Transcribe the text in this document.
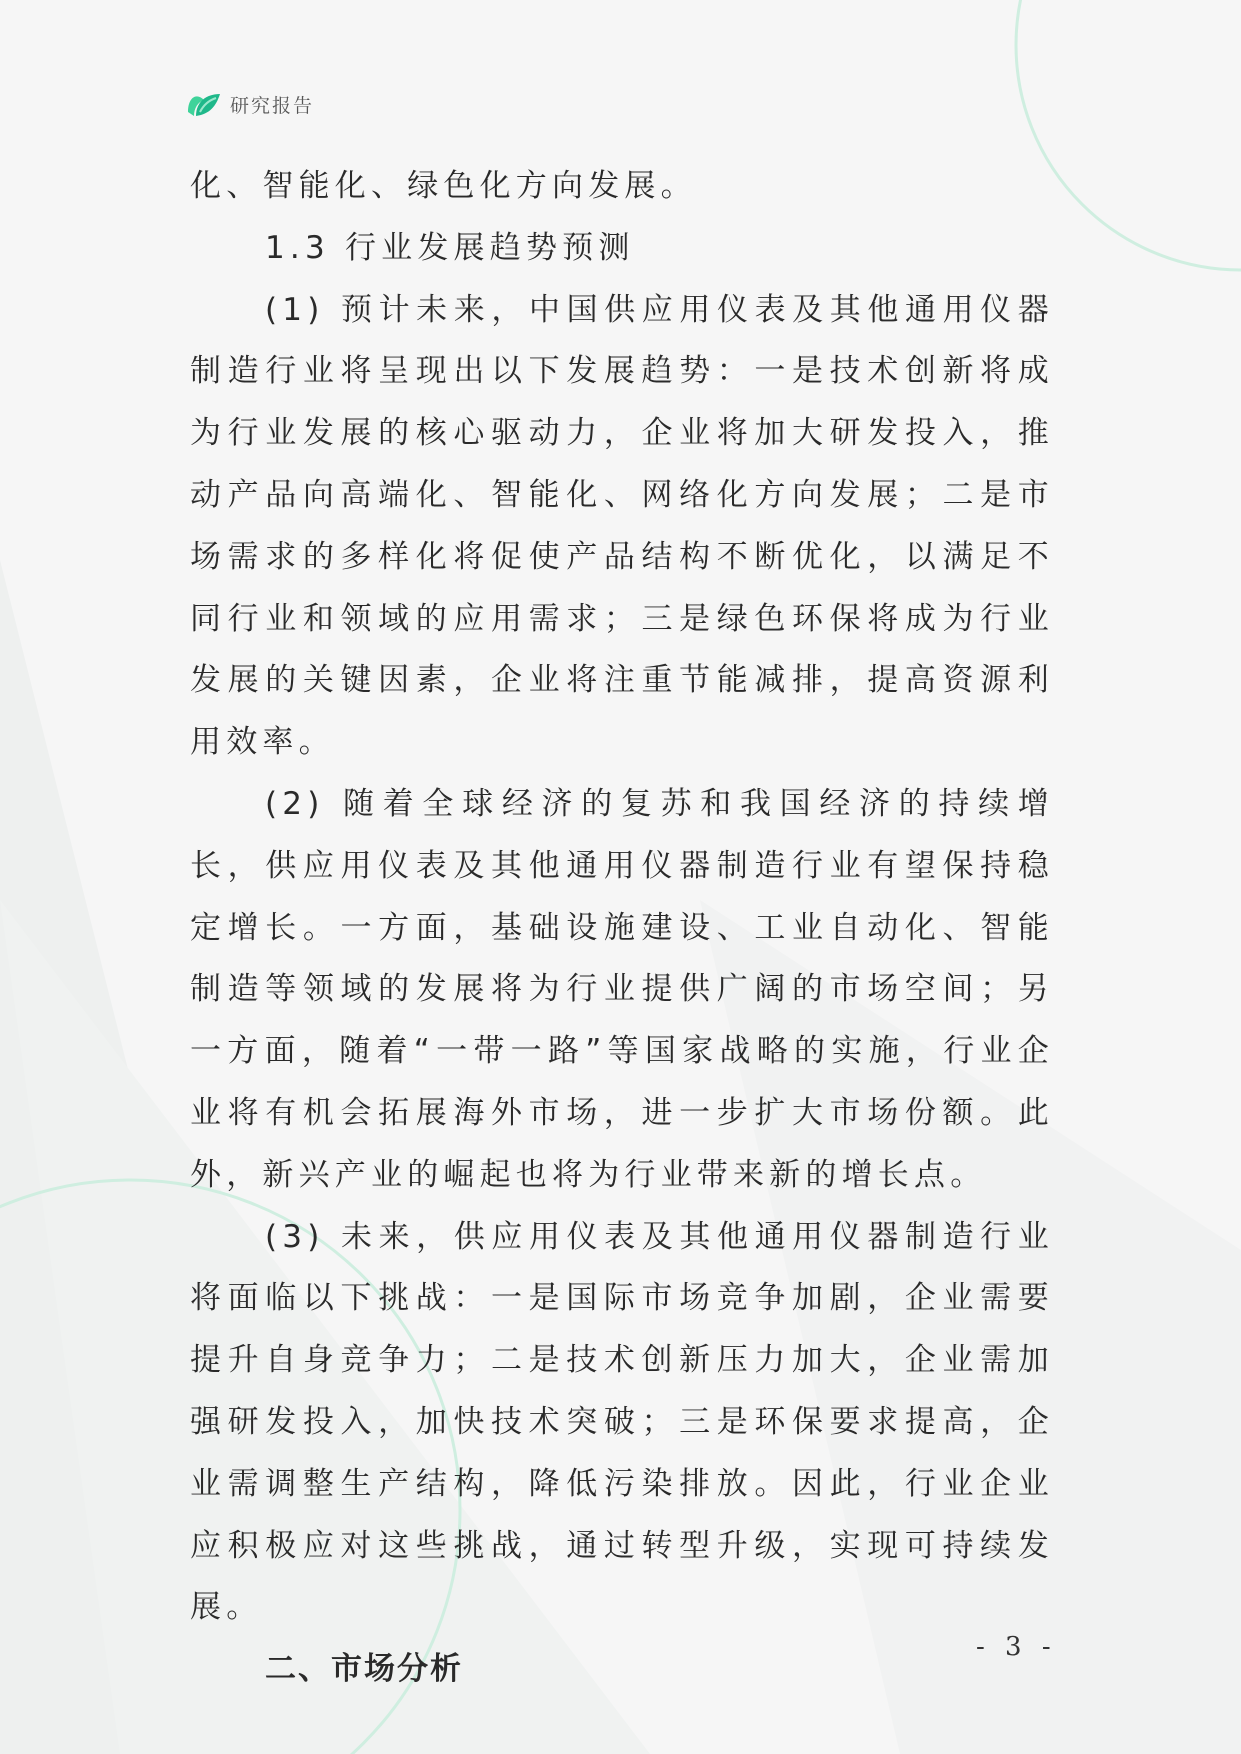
研究报告

化、智能化、绿色化方向发展。

1.3 行业发展趋势预测

(1) 预计未来，中国供应用仪表及其他通用仪器制造行业将呈现出以下发展趋势：一是技术创新将成为行业发展的核心驱动力，企业将加大研发投入，推动产品向高端化、智能化、网络化方向发展；二是市场需求的多样化将促使产品结构不断优化，以满足不同行业和领域的应用需求；三是绿色环保将成为行业发展的关键因素，企业将注重节能减排，提高资源利用效率。

(2) 随着全球经济的复苏和我国经济的持续增长，供应用仪表及其他通用仪器制造行业有望保持稳定增长。一方面，基础设施建设、工业自动化、智能制造等领域的发展将为行业提供广阔的市场空间；另一方面，随着“一带一路”等国家战略的实施，行业企业将有机会拓展海外市场，进一步扩大市场份额。此外，新兴产业的崛起也将为行业带来新的增长点。

(3) 未来，供应用仪表及其他通用仪器制造行业将面临以下挑战：一是国际市场竞争加剧，企业需要提升自身竞争力；二是技术创新压力加大，企业需加强研发投入，加快技术突破；三是环保要求提高，企业需调整生产结构，降低污染排放。因此，行业企业应积极应对这些挑战，通过转型升级，实现可持续发展。

二、市场分析

- 3 -
